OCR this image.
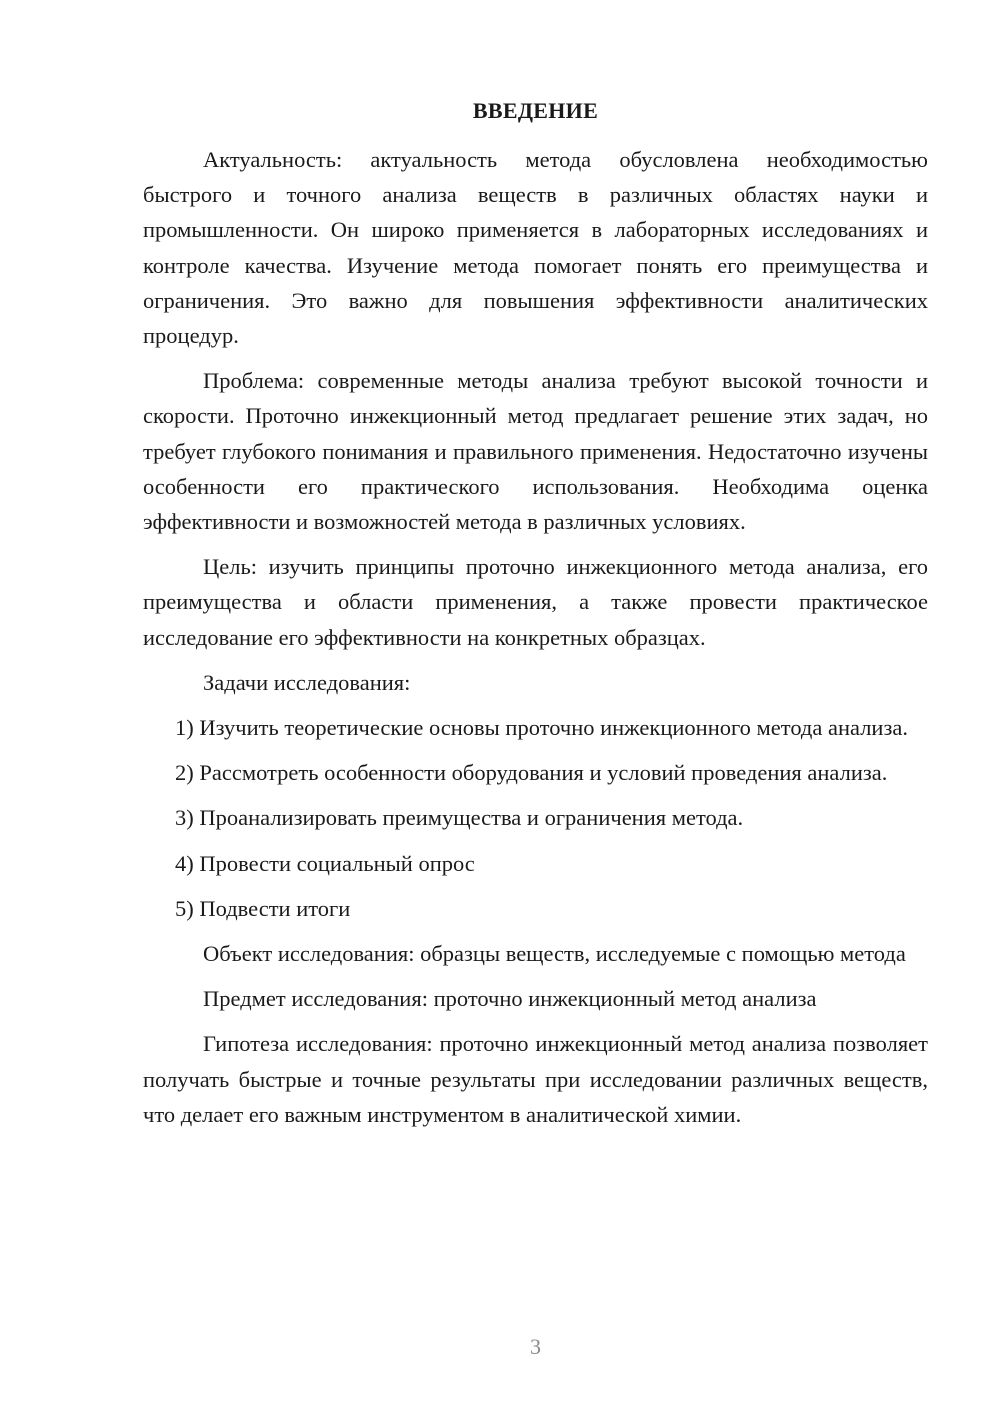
ВВЕДЕНИЕ

Актуальность: актуальность метода обусловлена необходимостью быстрого и точного анализа веществ в различных областях науки и промышленности. Он широко применяется в лабораторных исследованиях и контроле качества. Изучение метода помогает понять его преимущества и ограничения. Это важно для повышения эффективности аналитических процедур.

Проблема: современные методы анализа требуют высокой точности и скорости. Проточно инжекционный метод предлагает решение этих задач, но требует глубокого понимания и правильного применения. Недостаточно изучены особенности его практического использования. Необходима оценка эффективности и возможностей метода в различных условиях.

Цель: изучить принципы проточно инжекционного метода анализа, его преимущества и области применения, а также провести практическое исследование его эффективности на конкретных образцах.

Задачи исследования:

1) Изучить теоретические основы проточно инжекционного метода анализа.

2) Рассмотреть особенности оборудования и условий проведения анализа.

3) Проанализировать преимущества и ограничения метода.

4) Провести социальный опрос

5) Подвести итоги

Объект исследования: образцы веществ, исследуемые с помощью метода

Предмет исследования: проточно инжекционный метод анализа

Гипотеза исследования: проточно инжекционный метод анализа позволяет получать быстрые и точные результаты при исследовании различных веществ, что делает его важным инструментом в аналитической химии.

3
